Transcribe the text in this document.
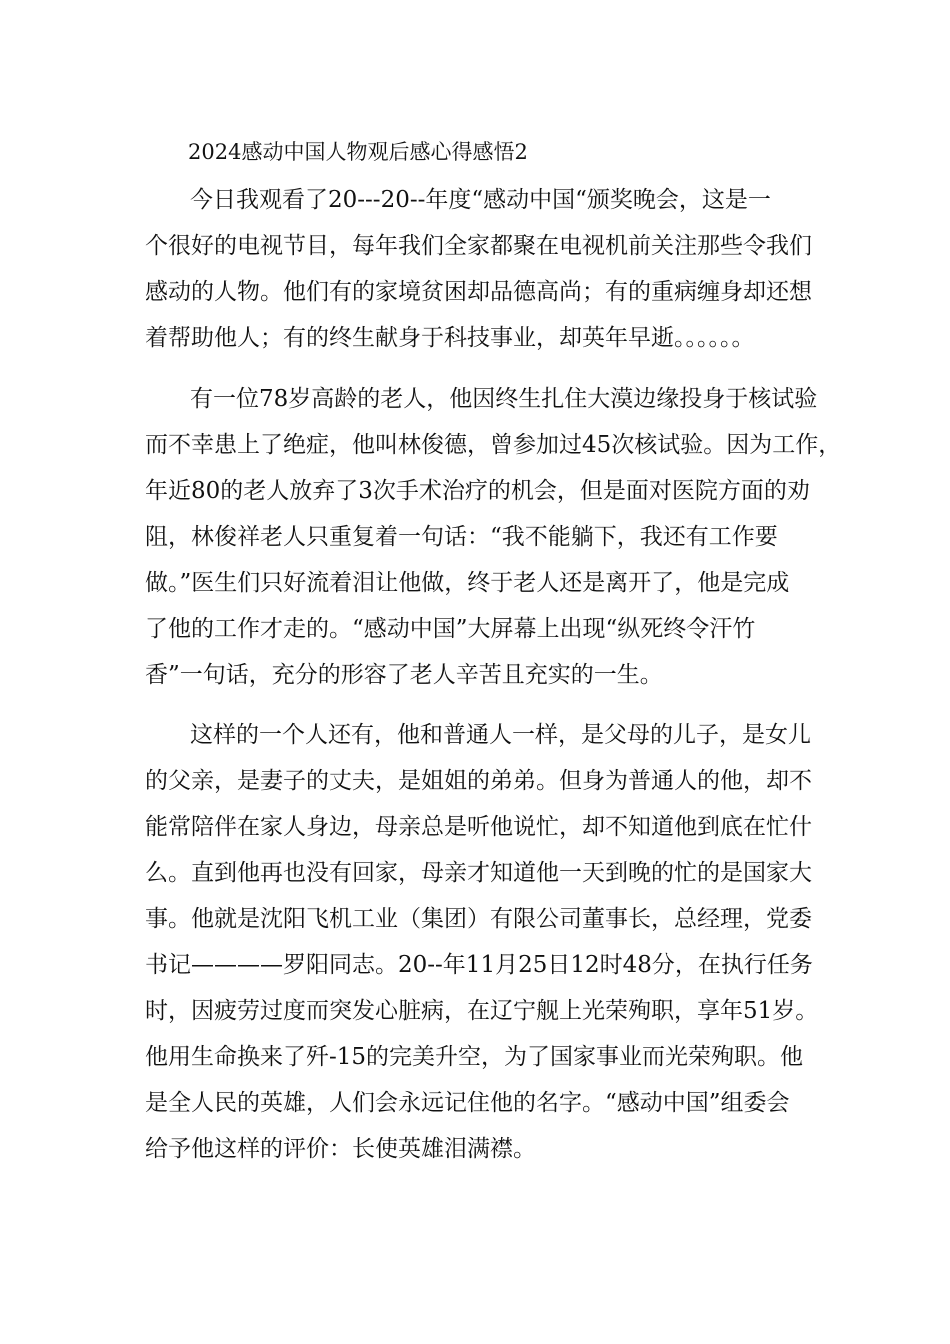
2024感动中国人物观后感心得感悟2
今日我观看了20---20--年度“感动中国“颁奖晚会，这是一
个很好的电视节目，每年我们全家都聚在电视机前关注那些令我们
感动的人物。他们有的家境贫困却品德高尚；有的重病缠身却还想
着帮助他人；有的终生献身于科技事业，却英年早逝。。。。。。
有一位78岁高龄的老人，他因终生扎住大漠边缘投身于核试验
而不幸患上了绝症，他叫林俊德，曾参加过45次核试验。因为工作，
年近80的老人放弃了3次手术治疗的机会，但是面对医院方面的劝
阻，林俊祥老人只重复着一句话：“我不能躺下，我还有工作要
做。”医生们只好流着泪让他做，终于老人还是离开了，他是完成
了他的工作才走的。“感动中国”大屏幕上出现“纵死终令汗竹
香”一句话，充分的形容了老人辛苦且充实的一生。
这样的一个人还有，他和普通人一样，是父母的儿子，是女儿
的父亲，是妻子的丈夫，是姐姐的弟弟。但身为普通人的他，却不
能常陪伴在家人身边，母亲总是听他说忙，却不知道他到底在忙什
么。直到他再也没有回家，母亲才知道他一天到晚的忙的是国家大
事。他就是沈阳飞机工业（集团）有限公司董事长，总经理，党委
书记————罗阳同志。20--年11月25日12时48分，在执行任务
时，因疲劳过度而突发心脏病，在辽宁舰上光荣殉职，享年51岁。
他用生命换来了歼-15的完美升空，为了国家事业而光荣殉职。他
是全人民的英雄，人们会永远记住他的名字。“感动中国”组委会
给予他这样的评价：长使英雄泪满襟。
